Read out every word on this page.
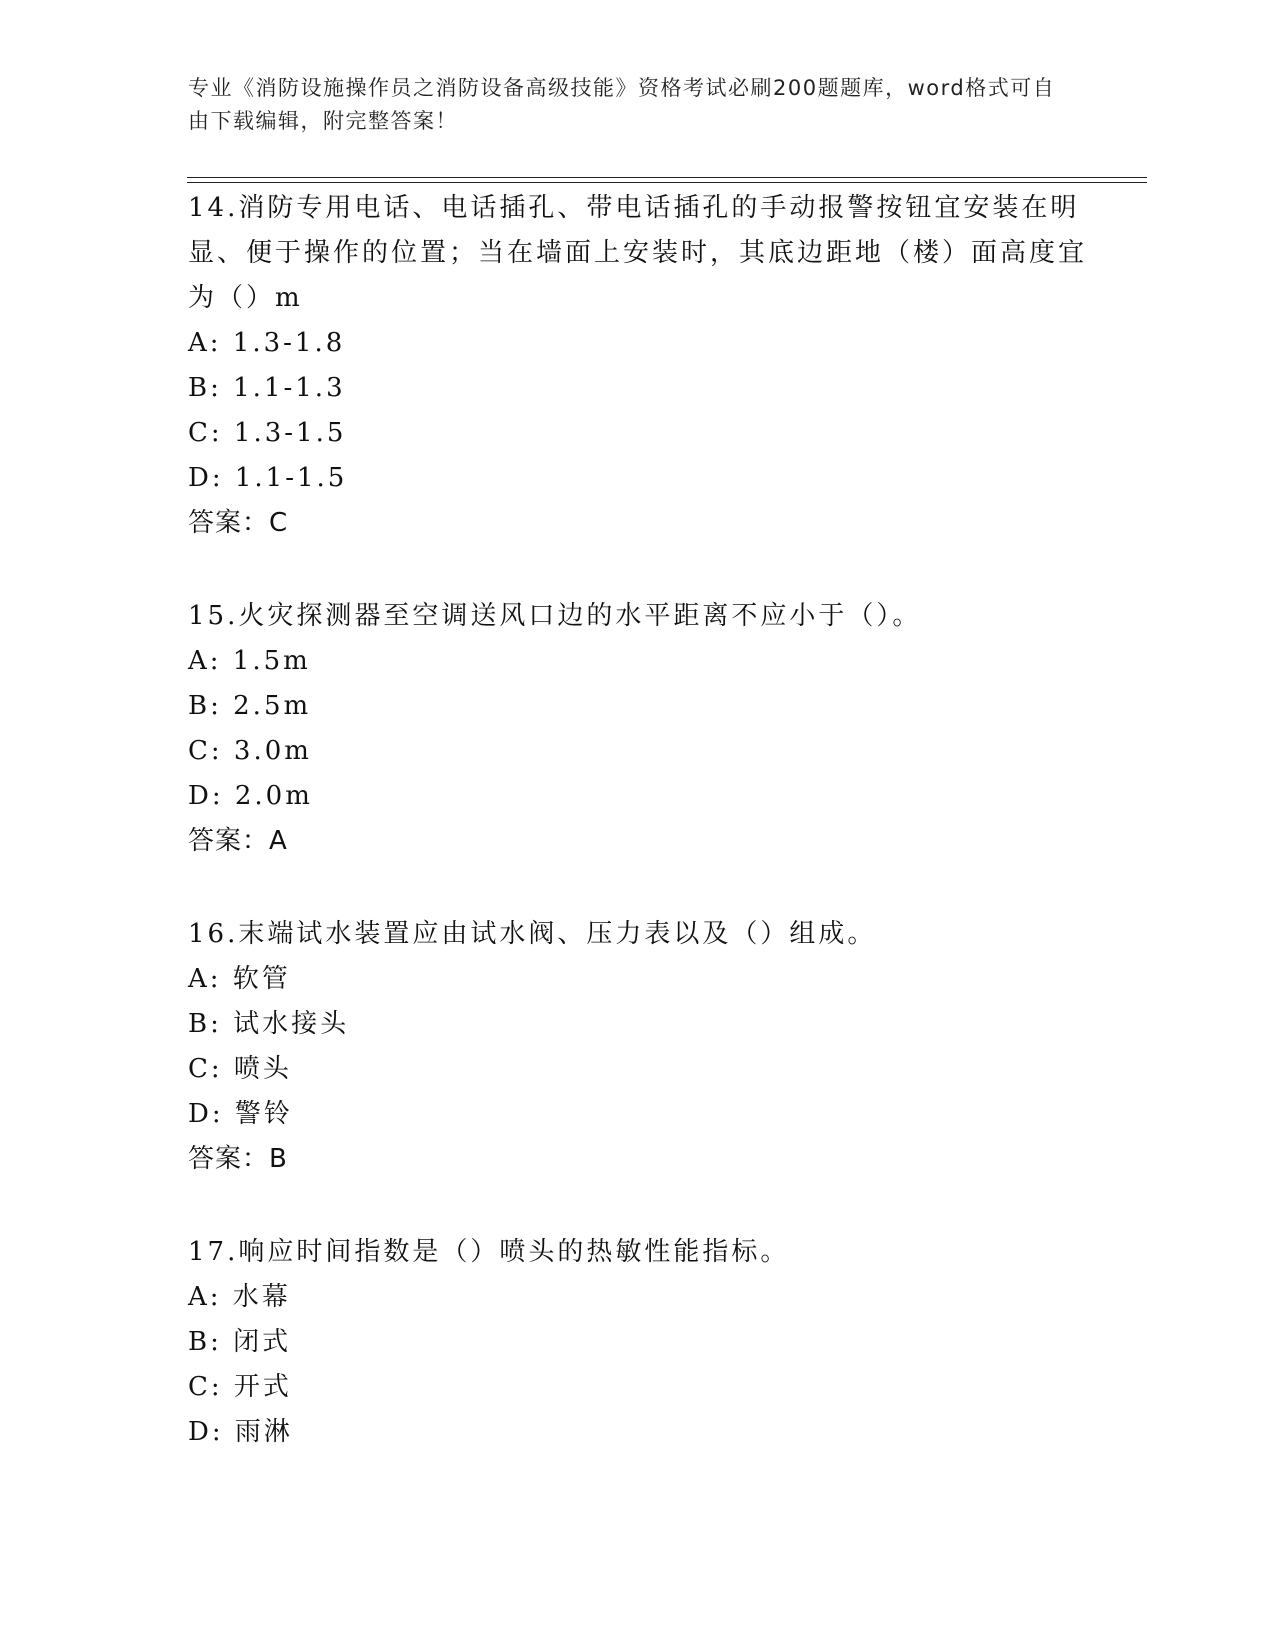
专业《消防设施操作员之消防设备高级技能》资格考试必刷200题题库，word格式可自由下载编辑，附完整答案！

14.消防专用电话、电话插孔、带电话插孔的手动报警按钮宜安装在明显、便于操作的位置；当在墙面上安装时，其底边距地（楼）面高度宜为（）m

A: 1.3-1.8

B: 1.1-1.3

C: 1.3-1.5

D: 1.1-1.5

答案：C

15.火灾探测器至空调送风口边的水平距离不应小于（）。

A: 1.5m

B: 2.5m

C: 3.0m

D: 2.0m

答案：A

16.末端试水装置应由试水阀、压力表以及（）组成。

A: 软管

B: 试水接头

C: 喷头

D: 警铃

答案：B

17.响应时间指数是（）喷头的热敏性能指标。

A: 水幕

B: 闭式

C: 开式

D: 雨淋
